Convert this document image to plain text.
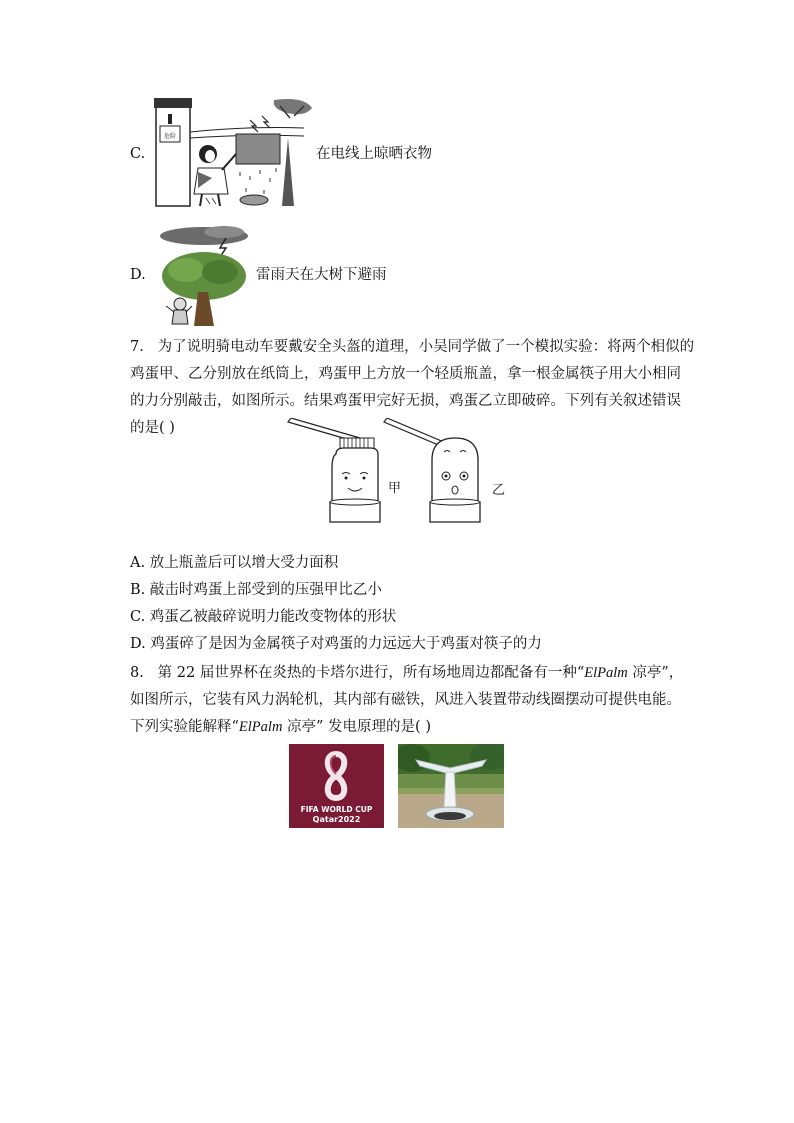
C.
危险
在电线上晾晒衣物
D.	雷雨天在大树下避雨
7. 为了说明骑电动车要戴安全头盔的道理，小吴同学做了一个模拟实验：将两个相似的鸡蛋甲、乙分别放在纸筒上，鸡蛋甲上方放一个轻质瓶盖，拿一根金属筷子用大小相同的力分别敲击，如图所示。结果鸡蛋甲完好无损，鸡蛋乙立即破碎。下列有关叙述错误的是( )
甲	乙
A. 放上瓶盖后可以增大受力面积
B. 敲击时鸡蛋上部受到的压强甲比乙小
C. 鸡蛋乙被敲碎说明力能改变物体的形状
D. 鸡蛋碎了是因为金属筷子对鸡蛋的力远远大于鸡蛋对筷子的力
8. 第 22 届世界杯在炎热的卡塔尔进行，所有场地周边都配备有一种“ElPalm 凉亭”，如图所示，它装有风力涡轮机，其内部有磁铁，风进入装置带动线圈摆动可提供电能。下列实验能解释“ElPalm 凉亭” 发电原理的是( )
FIFA WORLD CUP
Qatar2022
